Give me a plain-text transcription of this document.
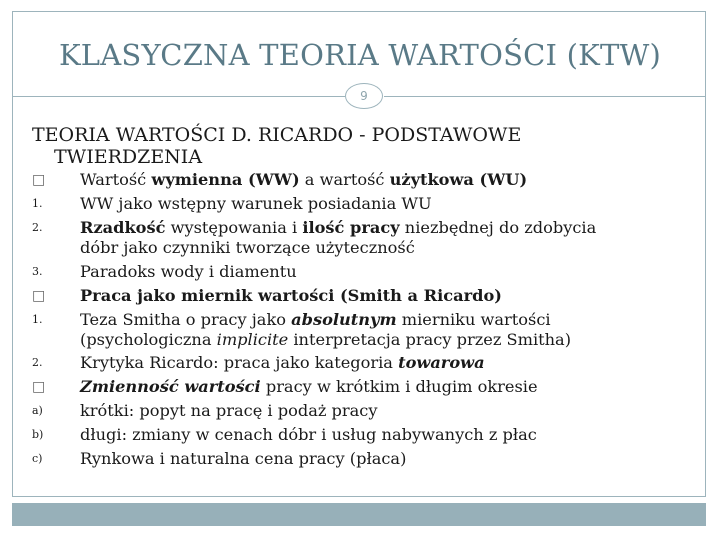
KLASYCZNA TEORIA WARTOŚCI (KTW)
9
TEORIA WARTOŚCI D. RICARDO - PODSTAWOWE
TWIERDZENIA
□	Wartość wymienna (WW) a wartość użytkowa (WU)
1.	WW jako wstępny warunek posiadania WU
2.	Rzadkość występowania i ilość pracy niezbędnej do zdobycia
dóbr jako czynniki tworzące użyteczność
3.	Paradoks wody i diamentu
□	Praca jako miernik wartości (Smith a Ricardo)
1.	Teza Smitha o pracy jako absolutnym mierniku wartości
(psychologiczna implicite interpretacja pracy przez Smitha)
2.	Krytyka Ricardo: praca jako kategoria towarowa
□	Zmienność wartości pracy w krótkim i długim okresie
a)	krótki: popyt na pracę i podaż pracy
b)	długi: zmiany w cenach dóbr i usług nabywanych z płac
c)	Rynkowa i naturalna cena pracy (płaca)
